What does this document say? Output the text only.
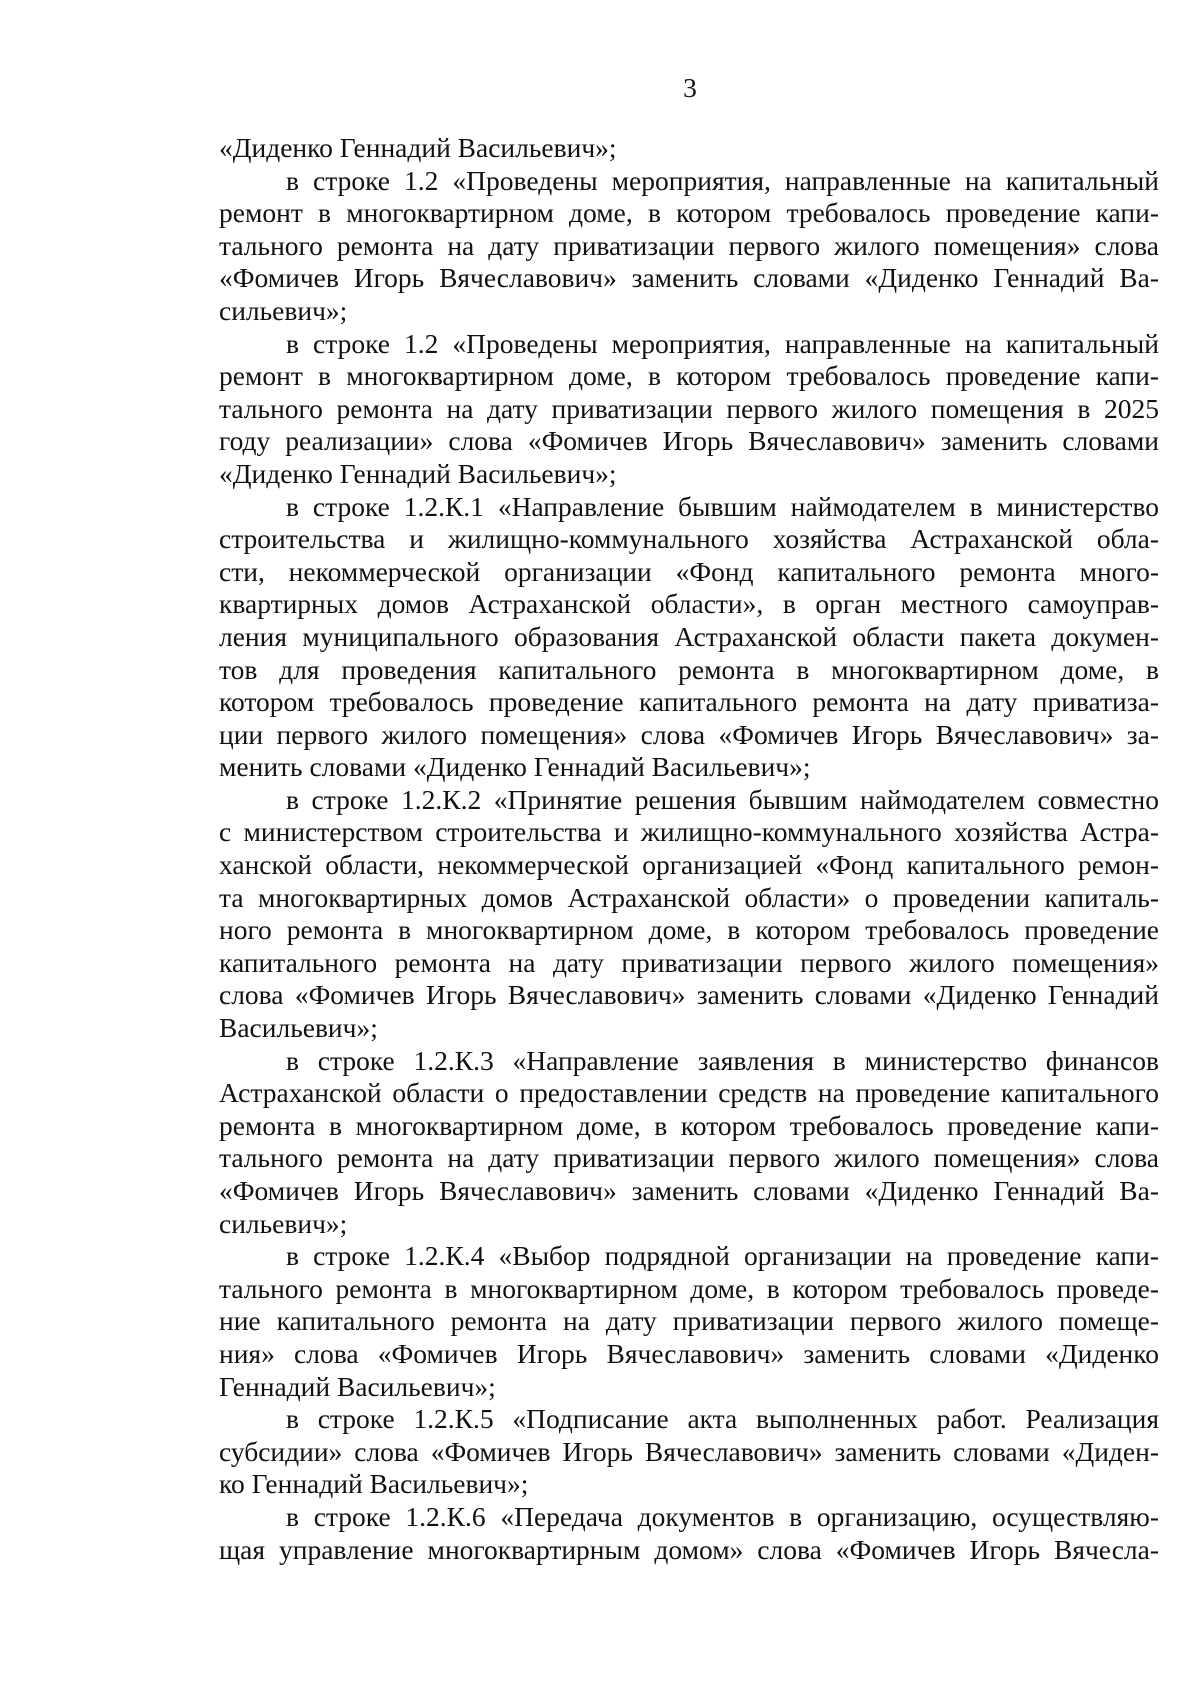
3
«Диденко Геннадий Васильевич»;
в строке 1.2 «Проведены мероприятия, направленные на капитальный
ремонт в многоквартирном доме, в котором требовалось проведение капи-
тального ремонта на дату приватизации первого жилого помещения» слова
«Фомичев Игорь Вячеславович» заменить словами «Диденко Геннадий Ва-
сильевич»;
в строке 1.2 «Проведены мероприятия, направленные на капитальный
ремонт в многоквартирном доме, в котором требовалось проведение капи-
тального ремонта на дату приватизации первого жилого помещения в 2025
году реализации» слова «Фомичев Игорь Вячеславович» заменить словами
«Диденко Геннадий Васильевич»;
в строке 1.2.К.1 «Направление бывшим наймодателем в министерство
строительства и жилищно-коммунального хозяйства Астраханской обла-
сти, некоммерческой организации «Фонд капитального ремонта много-
квартирных домов Астраханской области», в орган местного самоуправ-
ления муниципального образования Астраханской области пакета докумен-
тов для проведения капитального ремонта в многоквартирном доме, в
котором требовалось проведение капитального ремонта на дату приватиза-
ции первого жилого помещения» слова «Фомичев Игорь Вячеславович» за-
менить словами «Диденко Геннадий Васильевич»;
в строке 1.2.К.2 «Принятие решения бывшим наймодателем совместно
с министерством строительства и жилищно-коммунального хозяйства Астра-
ханской области, некоммерческой организацией «Фонд капитального ремон-
та многоквартирных домов Астраханской области» о проведении капиталь-
ного ремонта в многоквартирном доме, в котором требовалось проведение
капитального ремонта на дату приватизации первого жилого помещения»
слова «Фомичев Игорь Вячеславович» заменить словами «Диденко Геннадий
Васильевич»;
в строке 1.2.К.3 «Направление заявления в министерство финансов
Астраханской области о предоставлении средств на проведение капитального
ремонта в многоквартирном доме, в котором требовалось проведение капи-
тального ремонта на дату приватизации первого жилого помещения» слова
«Фомичев Игорь Вячеславович» заменить словами «Диденко Геннадий Ва-
сильевич»;
в строке 1.2.К.4 «Выбор подрядной организации на проведение капи-
тального ремонта в многоквартирном доме, в котором требовалось проведе-
ние капитального ремонта на дату приватизации первого жилого помеще-
ния» слова «Фомичев Игорь Вячеславович» заменить словами «Диденко
Геннадий Васильевич»;
в строке 1.2.К.5 «Подписание акта выполненных работ. Реализация
субсидии» слова «Фомичев Игорь Вячеславович» заменить словами «Диден-
ко Геннадий Васильевич»;
в строке 1.2.К.6 «Передача документов в организацию, осуществляю-
щая управление многоквартирным домом» слова «Фомичев Игорь Вячесла-
